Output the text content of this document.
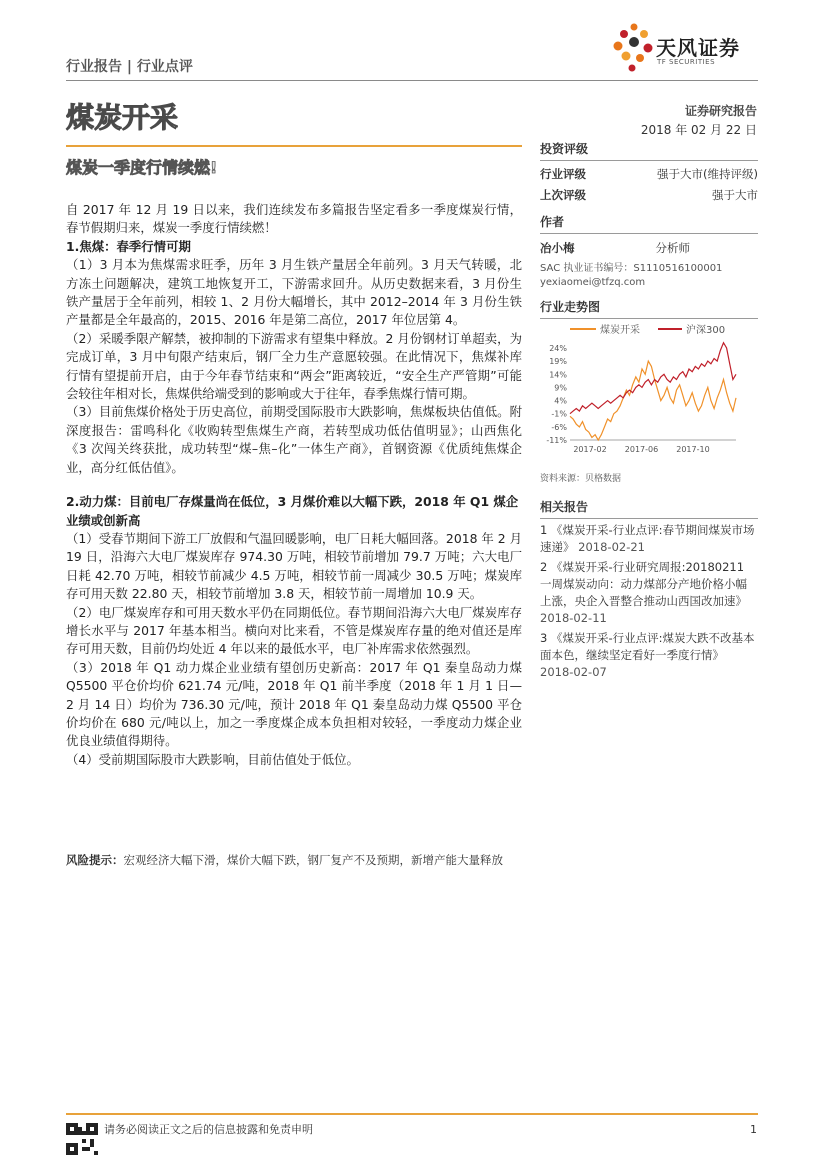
行业报告 | 行业点评
天风证券
TF SECURITIES
煤炭开采	证券研究报告
2018 年 02 月 22 日
煤炭一季度行情续燃!

自 2017 年 12 月 19 日以来，我们连续发布多篇报告坚定看多一季度煤炭行情，春节假期归来，煤炭一季度行情续燃！

1.焦煤：春季行情可期

（1）3 月本为焦煤需求旺季，历年 3 月生铁产量居全年前列。3 月天气转暖，北方冻土问题解决，建筑工地恢复开工，下游需求回升。从历史数据来看，3 月份生铁产量居于全年前列，相较 1、2 月份大幅增长，其中 2012–2014 年 3 月份生铁产量都是全年最高的，2015、2016 年是第二高位，2017 年位居第 4。

（2）采暖季限产解禁，被抑制的下游需求有望集中释放。2 月份钢材订单超卖，为完成订单，3 月中旬限产结束后，钢厂全力生产意愿较强。在此情况下，焦煤补库行情有望提前开启，由于今年春节结束和“两会”距离较近，“安全生产严管期”可能会较往年相对长，焦煤供给端受到的影响或大于往年，春季焦煤行情可期。

（3）目前焦煤价格处于历史高位，前期受国际股市大跌影响，焦煤板块估值低。附深度报告：雷鸣科化《收购转型焦煤生产商，若转型成功低估值明显》；山西焦化《3 次闯关终获批，成功转型“煤–焦–化”一体生产商》，首钢资源《优质纯焦煤企业，高分红低估值》。

2.动力煤：目前电厂存煤量尚在低位，3 月煤价难以大幅下跌，2018 年 Q1 煤企业绩或创新高

（1）受春节期间下游工厂放假和气温回暖影响，电厂日耗大幅回落。2018 年 2 月 19 日，沿海六大电厂煤炭库存 974.30 万吨，相较节前增加 79.7 万吨；六大电厂日耗 42.70 万吨，相较节前减少 4.5 万吨，相较节前一周减少 30.5 万吨；煤炭库存可用天数 22.80 天，相较节前增加 3.8 天，相较节前一周增加 10.9 天。

（2）电厂煤炭库存和可用天数水平仍在同期低位。春节期间沿海六大电厂煤炭库存增长水平与 2017 年基本相当。横向对比来看，不管是煤炭库存量的绝对值还是库存可用天数，目前仍均处近 4 年以来的最低水平，电厂补库需求依然强烈。

（3）2018 年 Q1 动力煤企业业绩有望创历史新高：2017 年 Q1 秦皇岛动力煤 Q5500 平仓价均价 621.74 元/吨，2018 年 Q1 前半季度（2018 年 1 月 1 日—2 月 14 日）均价为 736.30 元/吨，预计 2018 年 Q1 秦皇岛动力煤 Q5500 平仓价均价在 680 元/吨以上，加之一季度煤企成本负担相对较轻，一季度动力煤企业优良业绩值得期待。

（4）受前期国际股市大跌影响，目前估值处于低位。

风险提示：宏观经济大幅下滑，煤价大幅下跌，钢厂复产不及预期，新增产能大量释放
投资评级
行业评级	强于大市(维持评级)
上次评级	强于大市
作者
冶小梅	分析师
SAC 执业证书编号：S1110516100001
yexiaomei@tfzq.com
行业走势图
煤炭开采	沪深300
24%
19%
14%
9%
4%
-1%
-6%
-11%
2017-02 2017-06 2017-10
资料来源：贝格数据
相关报告
1 《煤炭开采-行业点评:春节期间煤炭市场速递》 2018-02-21
2 《煤炭开采-行业研究周报:20180211 一周煤炭动向：动力煤部分产地价格小幅上涨，央企入晋整合推动山西国改加速》 2018-02-11
3 《煤炭开采-行业点评:煤炭大跌不改基本面本色，继续坚定看好一季度行情》 2018-02-07
请务必阅读正文之后的信息披露和免责申明	1
